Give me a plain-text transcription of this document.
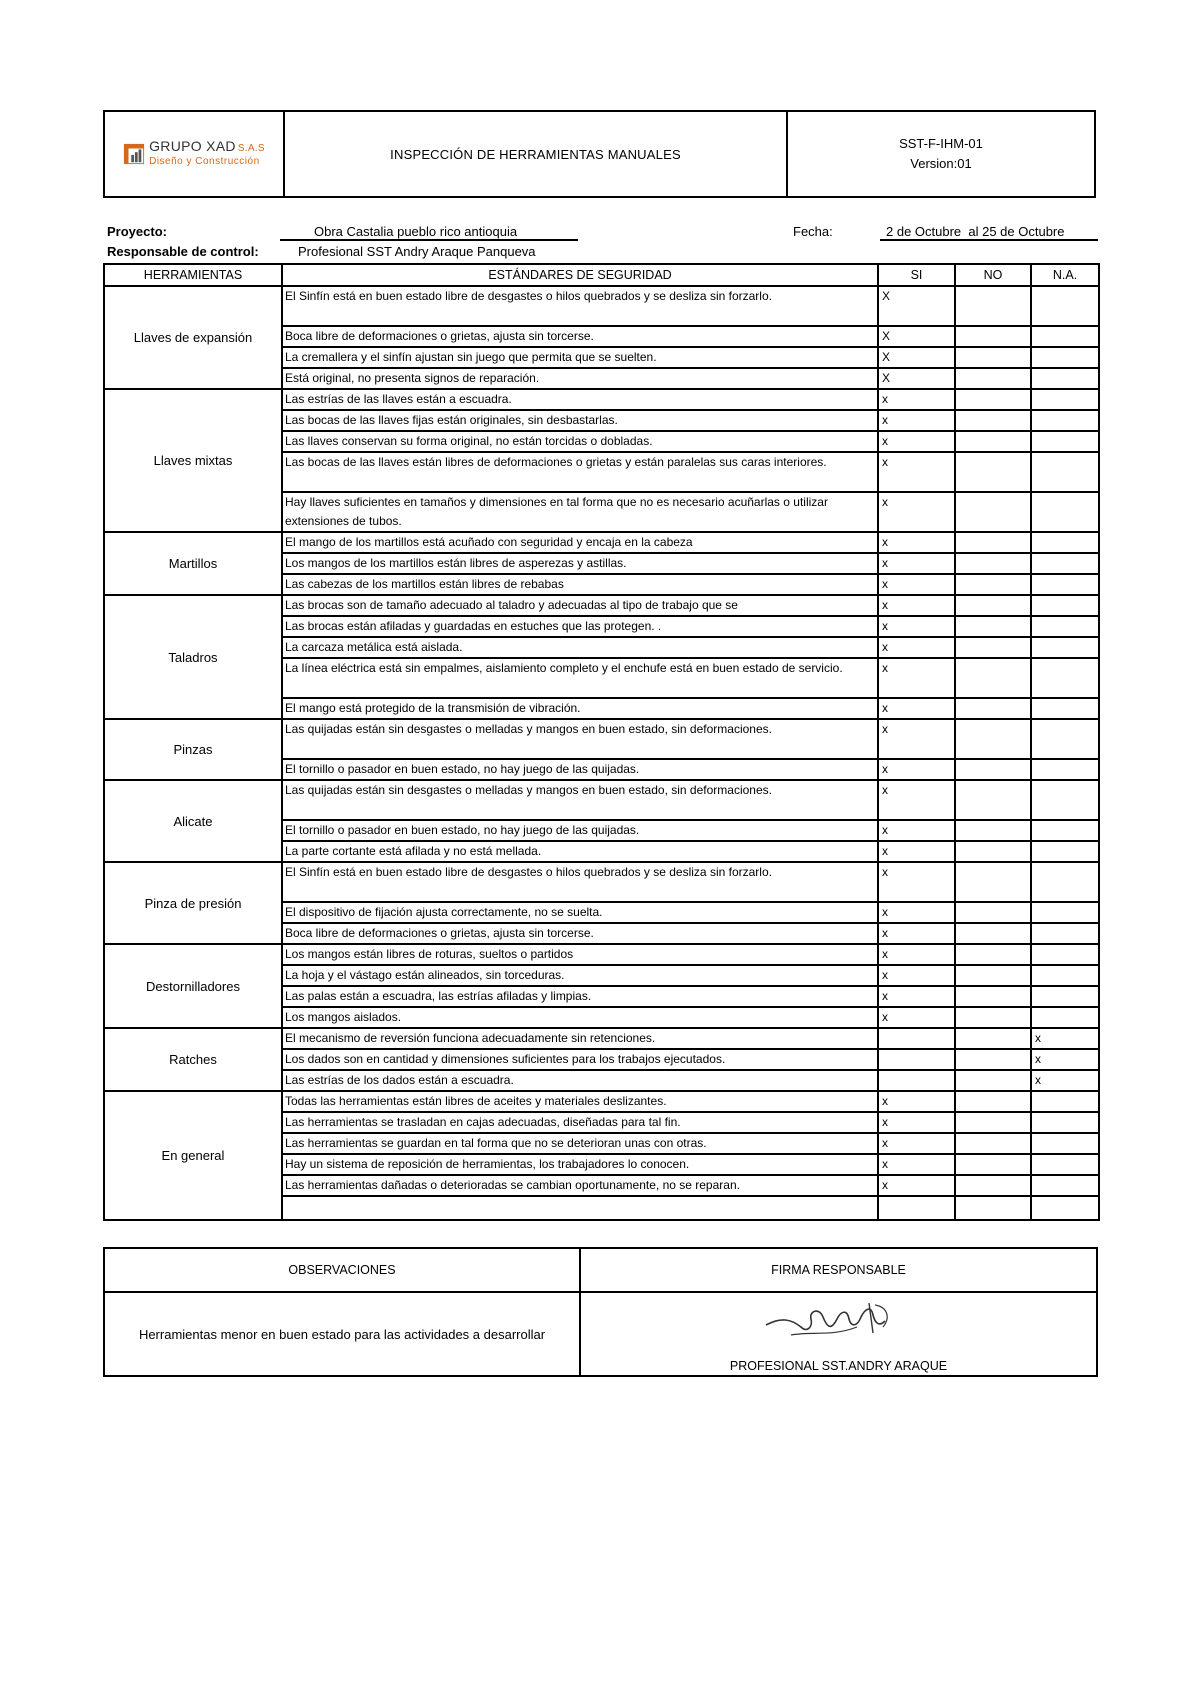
GRUPO XAD S.A.S
Diseño y Construcción	INSPECCIÓN DE HERRAMIENTAS MANUALES
SST-F-IHM-01
Version:01
Proyecto:	Obra Castalia pueblo rico antioquia
Responsable de control:	Profesional SST Andry Araque Panqueva
Fecha:	2 de Octubre  al 25 de Octubre
HERRAMIENTAS	ESTÁNDARES DE SEGURIDAD	SI	NO	N.A.
Llaves de expansión	El Sinfín está en buen estado libre de desgastes o hilos quebrados y se desliza sin forzarlo.	X		
	Boca libre de deformaciones o grietas, ajusta sin torcerse.	X		
	La cremallera y el sinfín ajustan sin juego que permita que se suelten.	X		
	Está original, no presenta signos de reparación.	X		
Llaves mixtas	Las estrías de las llaves están a escuadra.	x		
	Las bocas de las llaves fijas están originales, sin desbastarlas.	x		
	Las llaves conservan su forma original, no están torcidas o dobladas.	x		
	Las bocas de las llaves están libres de deformaciones o grietas y están paralelas sus caras interiores.	x		
	Hay llaves suficientes en tamaños y dimensiones en tal forma que no es necesario acuñarlas o utilizar extensiones de tubos.	x		
Martillos	El mango de los martillos está acuñado con seguridad y encaja en la cabeza	x		
	Los mangos de los martillos están libres de asperezas y astillas.	x		
	Las cabezas de los martillos están libres de rebabas	x		
Taladros	Las brocas son de tamaño adecuado al taladro y adecuadas al tipo de trabajo que se	x		
	Las brocas están afiladas y guardadas en estuches que las protegen. .	x		
	La carcaza metálica está aislada.	x		
	La línea eléctrica está sin empalmes, aislamiento completo y el enchufe está en buen estado de servicio.	x		
	El mango está protegido de la transmisión de vibración.	x		
Pinzas	Las quijadas están sin desgastes o melladas y mangos en buen estado, sin deformaciones.	x		
	El tornillo o pasador en buen estado, no hay juego de las quijadas.	x		
Alicate	Las quijadas están sin desgastes o melladas y mangos en buen estado, sin deformaciones.	x		
	El tornillo o pasador en buen estado, no hay juego de las quijadas.	x		
	La parte cortante está afilada y no está mellada.	x		
Pinza de presión	El Sinfín está en buen estado libre de desgastes o hilos quebrados y se desliza sin forzarlo.	x		
	El dispositivo de fijación ajusta correctamente, no se suelta.	x		
	Boca libre de deformaciones o grietas, ajusta sin torcerse.	x		
Destornilladores	Los mangos están libres de roturas, sueltos o partidos	x		
	La hoja y el vástago están alineados, sin torceduras.	x		
	Las palas están a escuadra, las estrías afiladas y limpias.	x		
	Los mangos aislados.	x		
Ratches	El mecanismo de reversión funciona adecuadamente sin retenciones.			x
	Los dados son en cantidad y dimensiones suficientes para los trabajos ejecutados.			x
	Las estrías de los dados están a escuadra.			x
En general	Todas las herramientas están libres de aceites y materiales deslizantes.	x		
	Las herramientas se trasladan en cajas adecuadas, diseñadas para tal fin.	x		
	Las herramientas se guardan en tal forma que no se deterioran unas con otras.	x		
	Hay un sistema de reposición de herramientas, los trabajadores lo conocen.	x		
	Las herramientas dañadas o deterioradas se cambian oportunamente, no se reparan.	x		

OBSERVACIONES	FIRMA RESPONSABLE
Herramientas menor en buen estado para las actividades a desarrollar
PROFESIONAL SST.ANDRY ARAQUE
